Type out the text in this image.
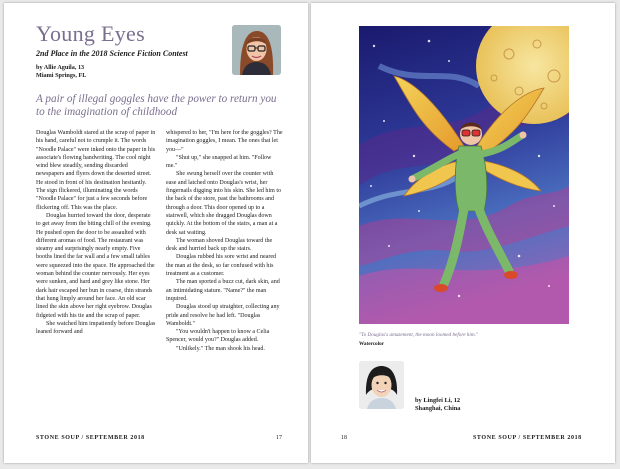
Young Eyes
2nd Place in the 2018 Science Fiction Contest
by Allie Aguila, 13
Miami Springs, FL
A pair of illegal goggles have the power to return you to the imagination of childhood

Douglas Wamboldt stared at the scrap of paper in his hand, careful not to crumple it. The words "Noodle Palace" were inked onto the paper in his associate's flowing handwriting. The cool night wind blew steadily, sending discarded newspapers and flyers down the deserted street. He stood in front of his destination hesitantly. The sign flickered, illuminating the words "Noodle Palace" for just a few seconds before flickering off. This was the place.

Douglas hurried toward the door, desperate to get away from the biting chill of the evening. He pushed open the door to be assaulted with different aromas of food. The restaurant was steamy and surprisingly nearly empty. Five booths lined the far wall and a few small tables were squeezed into the space. He approached the woman behind the counter nervously. Her eyes were sunken, and hard and grey like stone. Her dark hair escaped her bun in coarse, thin strands that hung limply around her face. An old scar lined the skin above her right eyebrow. Douglas fidgeted with his tie and the scrap of paper.

She watched him impatiently before Douglas leaned forward and

whispered to her, "I'm here for the goggles? The imagination goggles, I mean. The ones that let you—"

"Shut up," she snapped at him. "Follow me."

She swung herself over the counter with ease and latched onto Douglas's wrist, her fingernails digging into his skin. She led him to the back of the store, past the bathrooms and through a door. This door opened up to a stairwell, which she dragged Douglas down quickly. At the bottom of the stairs, a man at a desk sat waiting.

The woman shoved Douglas toward the desk and hurried back up the stairs.

Douglas rubbed his sore wrist and neared the man at the desk, so far confused with his treatment as a customer.

The man sported a buzz cut, dark skin, and an intimidating stature. "Name?" the man inquired.

Douglas stood up straighter, collecting any pride and resolve he had left. "Douglas Wamboldt."

"You wouldn't happen to know a Celia Spencer, would you?" Douglas added.

"Unlikely." The man shook his head.

STONE SOUP / SEPTEMBER 2018	17
"To Douglas's amazement, the moon loomed before him."
Watercolor
by Lingfei Li, 12
Shanghai, China
18	STONE SOUP / SEPTEMBER 2018
